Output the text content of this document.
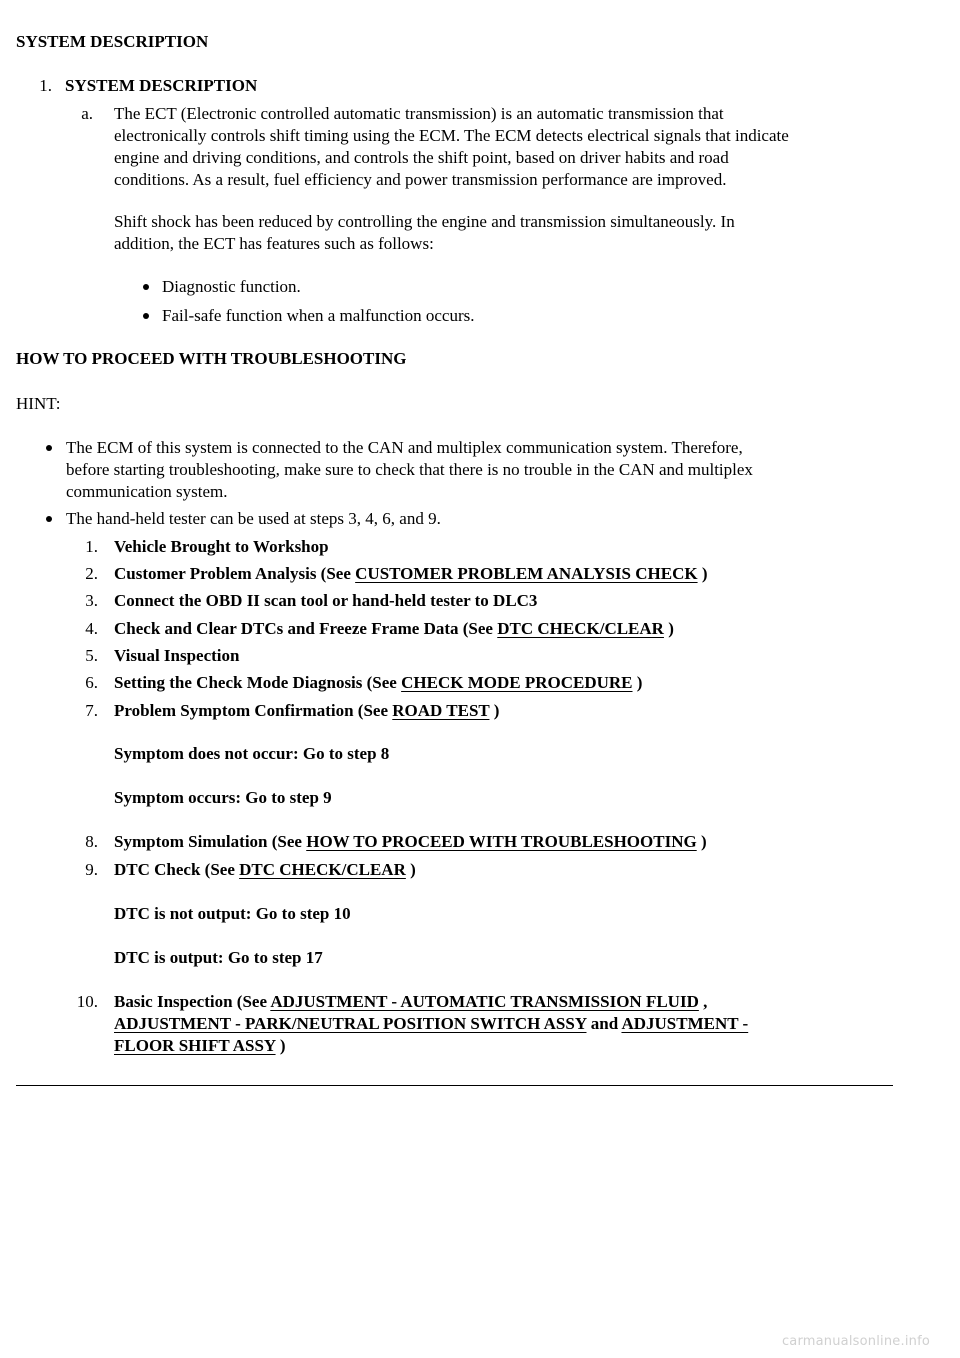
SYSTEM DESCRIPTION
1. SYSTEM DESCRIPTION
a. The ECT (Electronic controlled automatic transmission) is an automatic transmission that
electronically controls shift timing using the ECM. The ECM detects electrical signals that indicate
engine and driving conditions, and controls the shift point, based on driver habits and road
conditions. As a result, fuel efficiency and power transmission performance are improved.
Shift shock has been reduced by controlling the engine and transmission simultaneously. In
addition, the ECT has features such as follows:
Diagnostic function.
Fail-safe function when a malfunction occurs.
HOW TO PROCEED WITH TROUBLESHOOTING
HINT:
The ECM of this system is connected to the CAN and multiplex communication system. Therefore,
before starting troubleshooting, make sure to check that there is no trouble in the CAN and multiplex
communication system.
The hand-held tester can be used at steps 3, 4, 6, and 9.
1. Vehicle Brought to Workshop
2. Customer Problem Analysis (See CUSTOMER PROBLEM ANALYSIS CHECK )
3. Connect the OBD II scan tool or hand-held tester to DLC3
4. Check and Clear DTCs and Freeze Frame Data (See DTC CHECK/CLEAR )
5. Visual Inspection
6. Setting the Check Mode Diagnosis (See CHECK MODE PROCEDURE )
7. Problem Symptom Confirmation (See ROAD TEST )
Symptom does not occur: Go to step 8
Symptom occurs: Go to step 9
8. Symptom Simulation (See HOW TO PROCEED WITH TROUBLESHOOTING )
9. DTC Check (See DTC CHECK/CLEAR )
DTC is not output: Go to step 10
DTC is output: Go to step 17
10. Basic Inspection (See ADJUSTMENT - AUTOMATIC TRANSMISSION FLUID ,
ADJUSTMENT - PARK/NEUTRAL POSITION SWITCH ASSY and ADJUSTMENT -
FLOOR SHIFT ASSY )
carmanualsonline.info
